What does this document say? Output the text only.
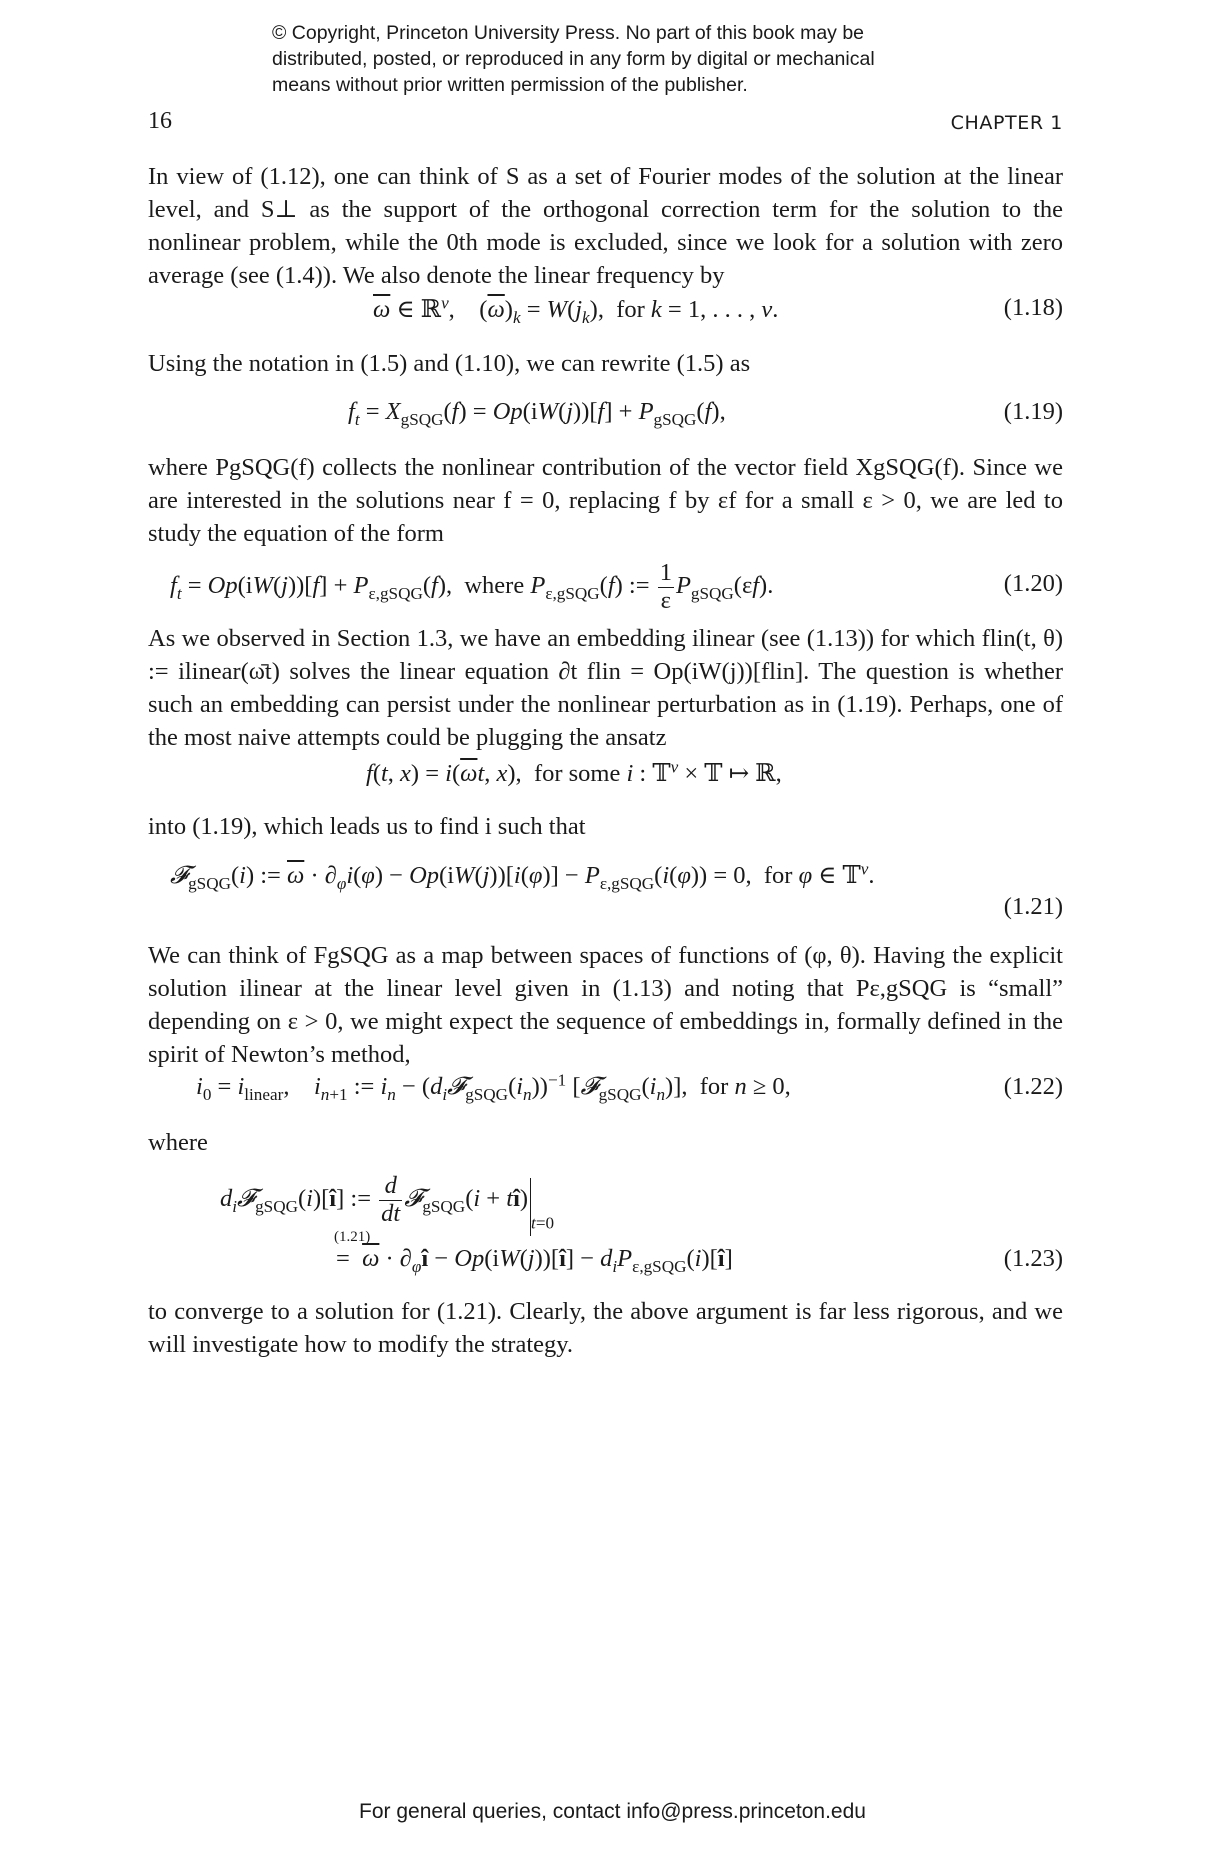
© Copyright, Princeton University Press. No part of this book may be
distributed, posted, or reproduced in any form by digital or mechanical
means without prior written permission of the publisher.
16	CHAPTER 1
In view of (1.12), one can think of S as a set of Fourier modes of the solution at the linear level, and S⊥ as the support of the orthogonal correction term for the solution to the nonlinear problem, while the 0th mode is excluded, since we look for a solution with zero average (see (1.4)). We also denote the linear frequency by
$\overline{\omega}$ ∈ ℝ$^\nu$,    $(\overline{\omega})_k = W(j_k)$,  for k = 1, . . . , ν.	(1.18)
Using the notation in (1.5) and (1.10), we can rewrite (1.5) as
$f_t = X_{gSQG}(f) = Op(iW(j))[f] + P_{gSQG}(f)$,	(1.19)
where PgSQG(f) collects the nonlinear contribution of the vector field XgSQG(f). Since we are interested in the solutions near f = 0, replacing f by εf for a small ε > 0, we are led to study the equation of the form
$f_t = Op(iW(j))[f] + P_{\varepsilon,gSQG}(f)$,  where $P_{\varepsilon,gSQG}(f)$ := $\frac{1}{\varepsilon} P_{gSQG}(\varepsilon f)$.	(1.20)
As we observed in Section 1.3, we have an embedding ilinear (see (1.13)) for which flin(t, θ) := ilinear(ω̄t) solves the linear equation ∂t flin = Op(iW(j))[flin]. The question is whether such an embedding can persist under the nonlinear perturbation as in (1.19). Perhaps, one of the most naive attempts could be plugging the ansatz
f(t, $x) = i(\overline{\omega}t$, x),  for some i : 𝕋$^\nu$ × 𝕋 ↦ ℝ,
into (1.19), which leads us to find i such that
𝓕$_{gSQG}$(i) := $\overline{\omega} \cdot \partial_\varphi i(\varphi) - Op(iW(j))[i(\varphi)] - P_{\varepsilon,gSQG}(i(\varphi)) = 0$,  for φ ∈ 𝕋$^\nu$.
(1.21)
We can think of FgSQG as a map between spaces of functions of (φ, θ). Having the explicit solution ilinear at the linear level given in (1.13) and noting that Pε,gSQG is “small” depending on ε > 0, we might expect the sequence of embeddings in, formally defined in the spirit of Newton’s method,
$i_0 = i_{linear}$,    $i_{n+1}$ := $i_n$ − $(d_i𝓕_{gSQG}(i_n))^{-1}$ $[𝓕_{gSQG}(i_n)]$,  for n ≥ 0,	(1.22)
where
$d_i𝓕_{gSQG}(i)[î]$ := $\frac{d}{dt}$ 𝓕$_{gSQG}$(i + $tî)_{t=0}$
(1.21)
= $\overline{\omega}$ · $\partial_\varphi î$ − Op(iW(j))[î] − $d_iP_{\varepsilon,gSQG}(i)[î]$	(1.23)
to converge to a solution for (1.21). Clearly, the above argument is far less rigorous, and we will investigate how to modify the strategy.
For general queries, contact info@press.princeton.edu
